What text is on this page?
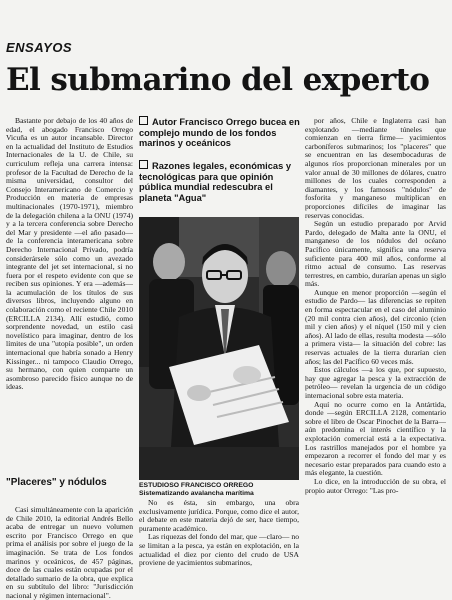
ENSAYOS
El submarino del experto

Bastante por debajo de los 40 años de edad, el abogado Francisco Orrego Vicuña es un autor incansable. Director en la actualidad del Instituto de Estudios Internacionales de la U. de Chile, su curriculum refleja una carrera intensa: profesor de la Facultad de Derecho de la misma universidad, consultor del Consejo Interamericano de Comercio y Producción en materia de empresas multinacionales (1970-1971), miembro de la delegación chilena a la ONU (1974) y a la tercera conferencia sobre Derecho del Mar y presidente —el año pasado— de la conferencia interamericana sobre Derecho Internacional Privado, podría considerársele sólo como un avezado integrante del jet set internacional, si no fuera por el respeto evidente con que se reciben sus opiniones. Y era —además— la acumulación de los títulos de sus diversos libros, incluyendo alguno en colaboración como el reciente Chile 2010 (ERCILLA 2134). Allí estudió, como sorprendente novedad, un estilo casi novelístico para imaginar, dentro de los límites de una "utopía posible", un orden internacional que habría sonado a Henry Kissinger... ni tampoco Claudio Orrego, su hermano, con quien comparte un asombroso parecido físico aunque no de ideas.

"Placeres" y nódulos

Casi simultáneamente con la aparición de Chile 2010, la editorial Andrés Bello acaba de entregar un nuevo volumen escrito por Francisco Orrego en que prima el análisis por sobre el juego de la imaginación. Se trata de Los fondos marinos y oceánicos, de 457 páginas, doce de las cuales están ocupadas por el detallado sumario de la obra, que explica en su subtítulo del libro: "Jurisdicción nacional y régimen internacional".

Autor Francisco Orrego bucea en complejo mundo de los fondos marinos y oceánicos

Razones legales, económicas y tecnológicas para que opinión pública mundial redescubra el planeta "Agua"

ESTUDIOSO FRANCISCO ORREGO
Sistematizando avalancha marítima

No es ésta, sin embargo, una obra exclusivamente jurídica. Porque, como dice el autor, el debate en este materia dejó de ser, hace tiempo, puramente académico.

Las riquezas del fondo del mar, que —claro— no se limitan a la pesca, ya están en explotación, en la actualidad el diez por ciento del crudo de USA proviene de yacimientos submarinos,

por años, Chile e Inglaterra casi han explotando —mediante túneles que comienzan en tierra firme— yacimientos carboníferos submarinos; los "placeres" que se encuentran en las desembocaduras de algunos ríos proporcionan minerales por un valor anual de 30 millones de dólares, cuatro millones de los cuales corresponden a diamantes, y los famosos "nódulos" de fosforita y manganeso multiplican en proporciones difíciles de imaginar las reservas conocidas.

Según un estudio preparado por Arvid Pardo, delegado de Malta ante la ONU, el manganeso de los nódulos del océano Pacífico únicamente, significa una reserva suficiente para 400 mil años, conforme al ritmo actual de consumo. Las reservas terrestres, en cambio, durarían apenas un siglo más.

Aunque en menor proporción —según el estudio de Pardo— las diferencias se repiten en forma espectacular en el caso del aluminio (20 mil contra cien años), del circonio (cien mil y cien años) y el níquel (150 mil y cien años). Al lado de ellas, resulta modesta —sólo a primera vista— la situación del cobre: las reservas actuales de la tierra durarían cien años; las del Pacífico 60 veces más.

Estos cálculos —a los que, por supuesto, hay que agregar la pesca y la extracción de petróleo— revelan la urgencia de un código internacional sobre esta materia.

Aquí no ocurre como en la Antártida, donde —según ERCILLA 2128, comentario sobre el libro de Oscar Pinochet de la Barra— aún predomina el interés científico y la explotación comercial está a la expectativa. Los rastrillos manejados por el hombre ya empezaron a recorrer el fondo del mar y es necesario estar preparados para cuando esto a más elegante, la cuestión.

Lo dice, en la introducción de su obra, el propio autor Orrego: "Las pro-
